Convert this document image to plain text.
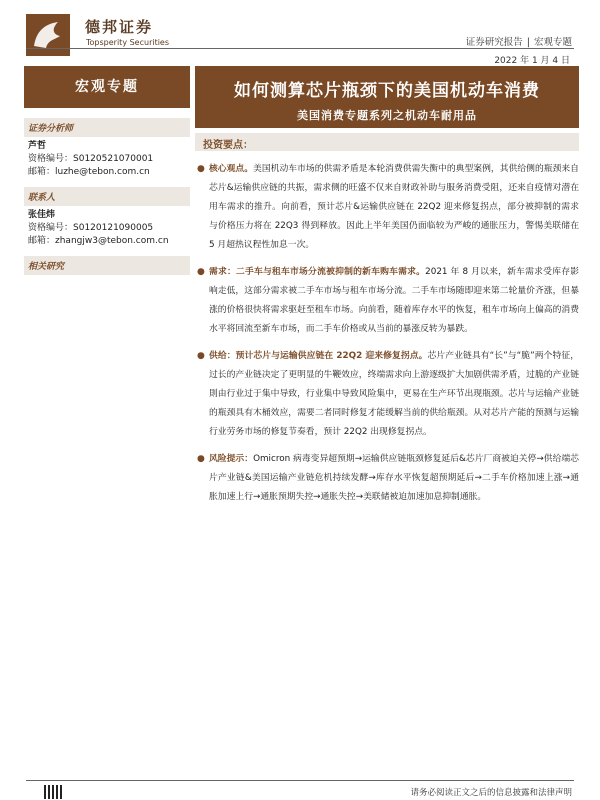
德邦证券
Topsperity Securities	证券研究报告 | 宏观专题
2022 年 1 月 4 日
宏观专题	如何测算芯片瓶颈下的美国机动车消费
美国消费专题系列之机动车耐用品
证券分析师
芦哲
资格编号：S0120521070001
邮箱：luzhe@tebon.com.cn
联系人
张佳炜
资格编号：S0120121090005
邮箱：zhangjw3@tebon.com.cn
相关研究
投资要点：
● 核心观点。美国机动车市场的供需矛盾是本轮消费供需失衡中的典型案例，其供给侧的瓶颈来自芯片&运输供应链的共振，需求侧的旺盛不仅来自财政补助与服务消费受阻，还来自疫情对潜在用车需求的推升。向前看，预计芯片&运输供应链在 22Q2 迎来修复拐点，部分被抑制的需求与价格压力将在 22Q3 得到释放。因此上半年美国仍面临较为严峻的通胀压力，警惕美联储在 5 月超热议程性加息一次。
● 需求：二手车与租车市场分流被抑制的新车购车需求。2021 年 8 月以来，新车需求受库存影响走低，这部分需求被二手车市场与租车市场分流。二手车市场随即迎来第二轮量价齐涨，但暴涨的价格很快将需求驱赶至租车市场。向前看，随着库存水平的恢复，租车市场向上偏高的消费水平将回流至新车市场，而二手车价格或从当前的暴涨反转为暴跌。
● 供给：预计芯片与运输供应链在 22Q2 迎来修复拐点。芯片产业链具有“长”与“脆”两个特征，过长的产业链决定了更明显的牛鞭效应，终端需求向上游逐级扩大加剧供需矛盾，过脆的产业链則由行业过于集中导致，行业集中导致风险集中，更易在生产环节出现瓶颈。芯片与运输产业链的瓶颈具有木桶效应，需要二者同时修复才能缓解当前的供给瓶颈。从对芯片产能的预测与运输行业劳务市场的修复节奏看，预计 22Q2 出现修复拐点。
● 风险提示：Omicron 病毒变异超预期→运输供应链瓶颈修复延后&芯片厂商被迫关停→供给端芯片产业链&美国运输产业链危机持续发酵→库存水平恢复超预期延后→二手车价格加速上涨→通胀加速上行→通胀预期失控→通胀失控→美联储被迫加速加息抑制通胀。
请务必阅读正文之后的信息披露和法律声明
